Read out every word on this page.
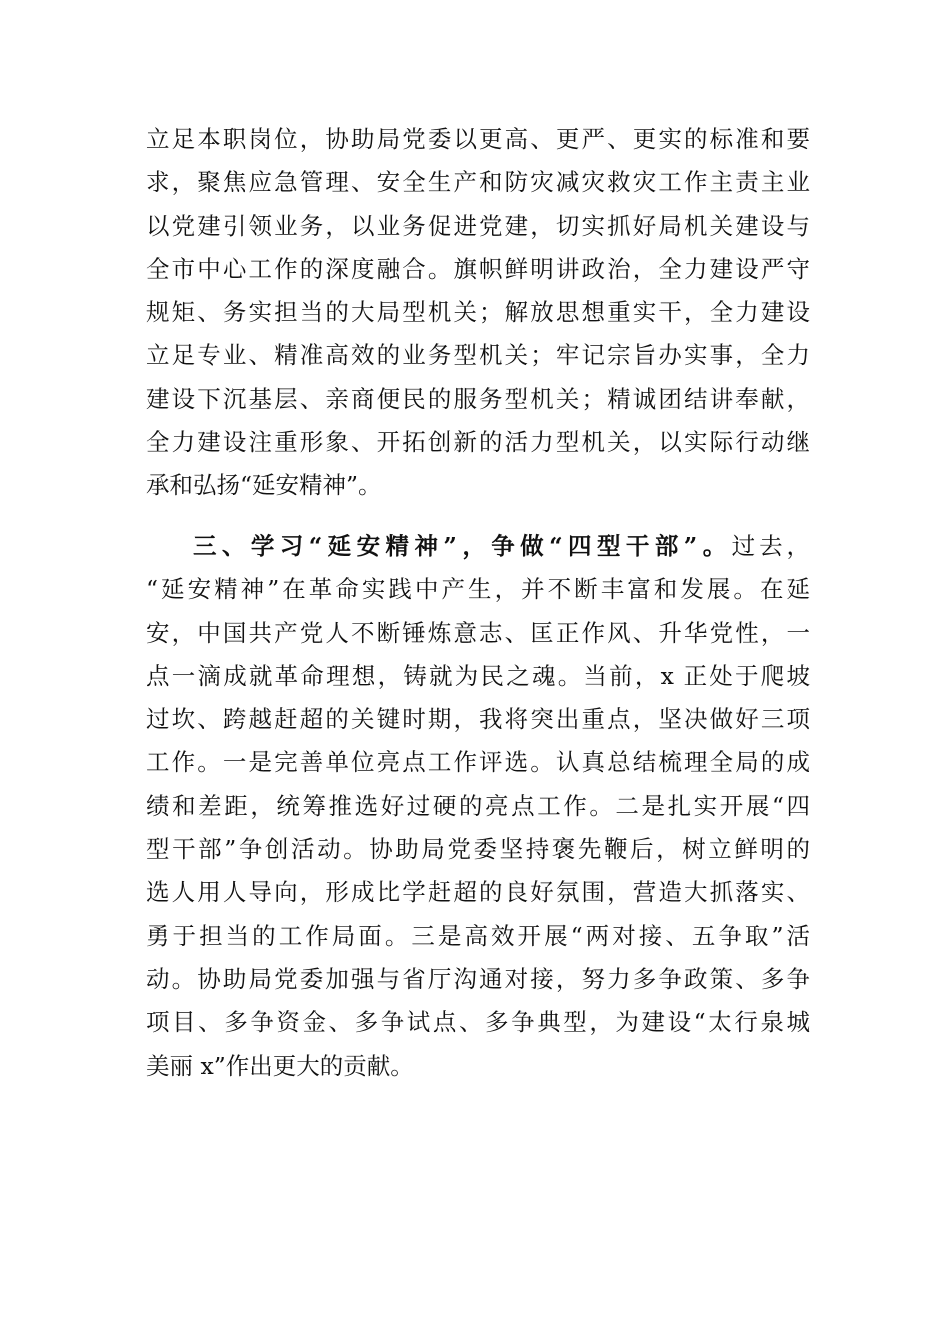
立足本职岗位，协助局党委以更高、更严、更实的标准和要
求，聚焦应急管理、安全生产和防灾减灾救灾工作主责主业
以党建引领业务，以业务促进党建，切实抓好局机关建设与
全市中心工作的深度融合。旗帜鲜明讲政治，全力建设严守
规矩、务实担当的大局型机关；解放思想重实干，全力建设
立足专业、精准高效的业务型机关；牢记宗旨办实事，全力
建设下沉基层、亲商便民的服务型机关；精诚团结讲奉献，
全力建设注重形象、开拓创新的活力型机关，以实际行动继
承和弘扬“延安精神”。
三、学习“延安精神”，争做“四型干部”。过去，
“延安精神”在革命实践中产生，并不断丰富和发展。在延
安，中国共产党人不断锤炼意志、匡正作风、升华党性，一
点一滴成就革命理想，铸就为民之魂。当前，x 正处于爬坡
过坎、跨越赶超的关键时期，我将突出重点，坚决做好三项
工作。一是完善单位亮点工作评选。认真总结梳理全局的成
绩和差距，统筹推选好过硬的亮点工作。二是扎实开展“四
型干部”争创活动。协助局党委坚持褒先鞭后，树立鲜明的
选人用人导向，形成比学赶超的良好氛围，营造大抓落实、
勇于担当的工作局面。三是高效开展“两对接、五争取”活
动。协助局党委加强与省厅沟通对接，努力多争政策、多争
项目、多争资金、多争试点、多争典型，为建设“太行泉城
美丽 x”作出更大的贡献。
